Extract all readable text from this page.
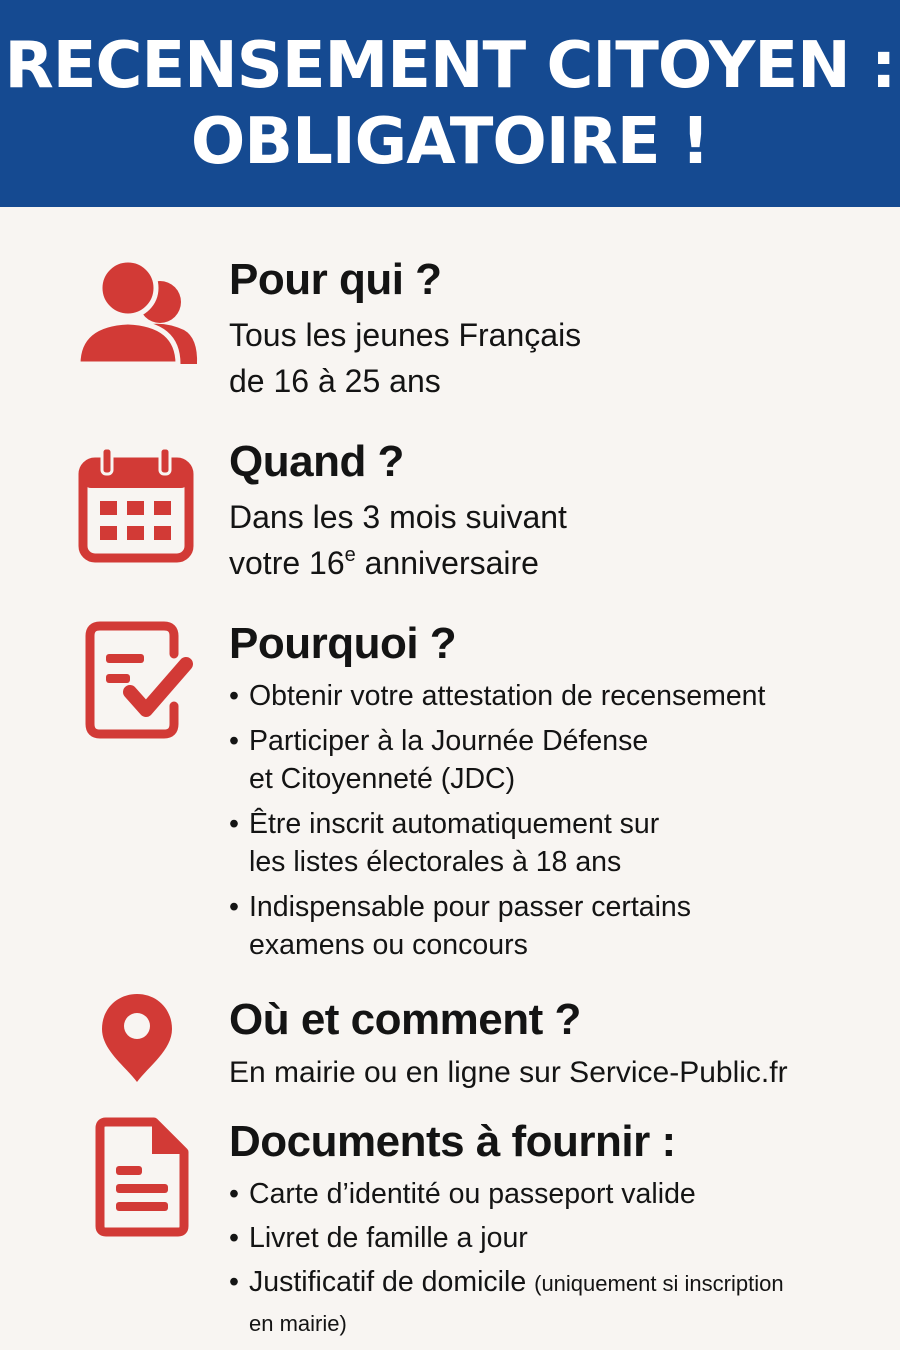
RECENSEMENT CITOYEN :
OBLIGATOIRE !
Pour qui ?
Tous les jeunes Français
de 16 à 25 ans
Quand ?
Dans les 3 mois suivant
votre 16e anniversaire
Pourquoi ?
• Obtenir votre attestation de recensement
• Participer à la Journée Défense
et Citoyenneté (JDC)
• Être inscrit automatiquement sur
les listes électorales à 18 ans
• Indispensable pour passer certains
examens ou concours
Où et comment ?
En mairie ou en ligne sur Service-Public.fr
Documents à fournir :
• Carte d’identité ou passeport valide
• Livret de famille a jour
• Justificatif de domicile (uniquement si inscription
en mairie)
